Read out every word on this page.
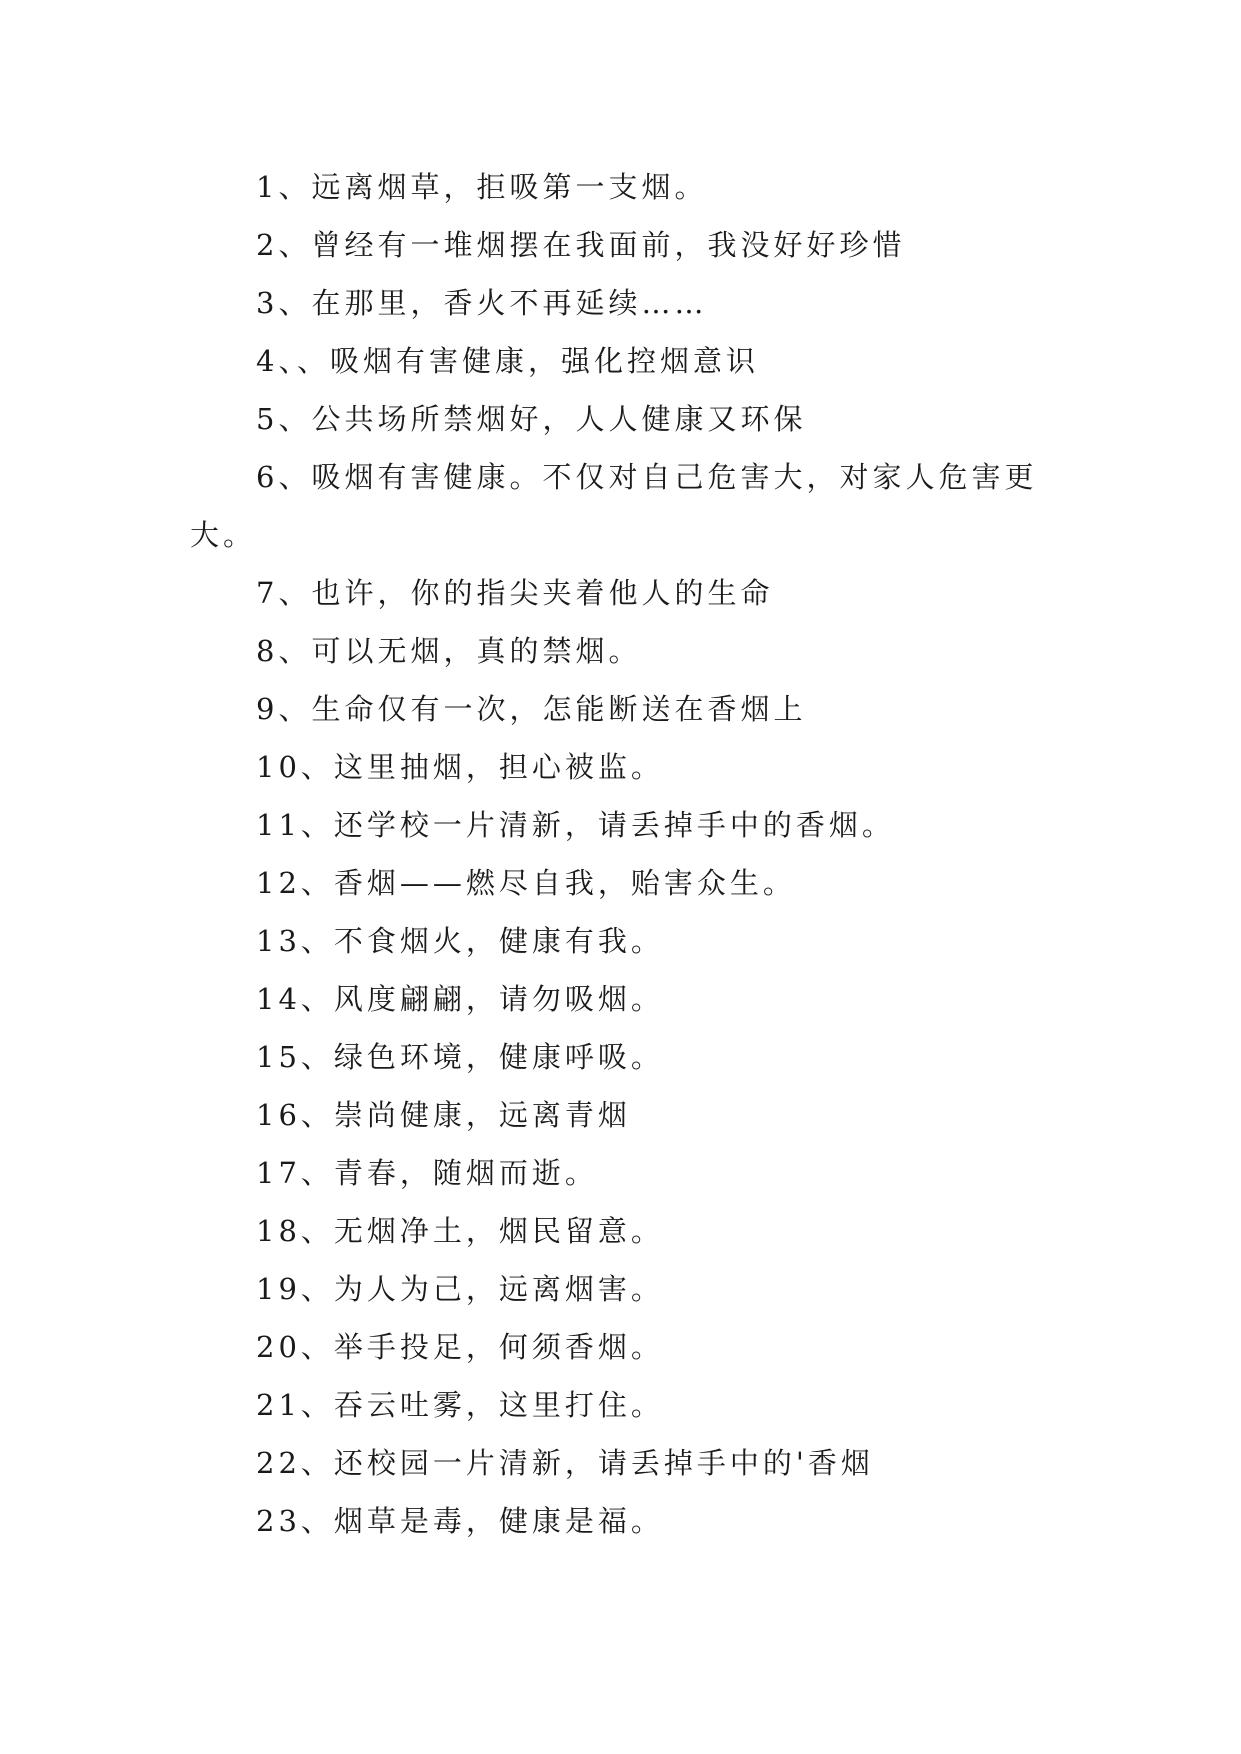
1、远离烟草，拒吸第一支烟。

2、曾经有一堆烟摆在我面前，我没好好珍惜

3、在那里，香火不再延续……

4、、吸烟有害健康，强化控烟意识

5、公共场所禁烟好，人人健康又环保

6、吸烟有害健康。不仅对自己危害大，对家人危害更大。

7、也许，你的指尖夹着他人的生命

8、可以无烟，真的禁烟。

9、生命仅有一次，怎能断送在香烟上

10、这里抽烟，担心被监。

11、还学校一片清新，请丢掉手中的香烟。

12、香烟——燃尽自我，贻害众生。

13、不食烟火，健康有我。

14、风度翩翩，请勿吸烟。

15、绿色环境，健康呼吸。

16、崇尚健康，远离青烟

17、青春，随烟而逝。

18、无烟净土，烟民留意。

19、为人为己，远离烟害。

20、举手投足，何须香烟。

21、吞云吐雾，这里打住。

22、还校园一片清新，请丢掉手中的'香烟

23、烟草是毒，健康是福。
